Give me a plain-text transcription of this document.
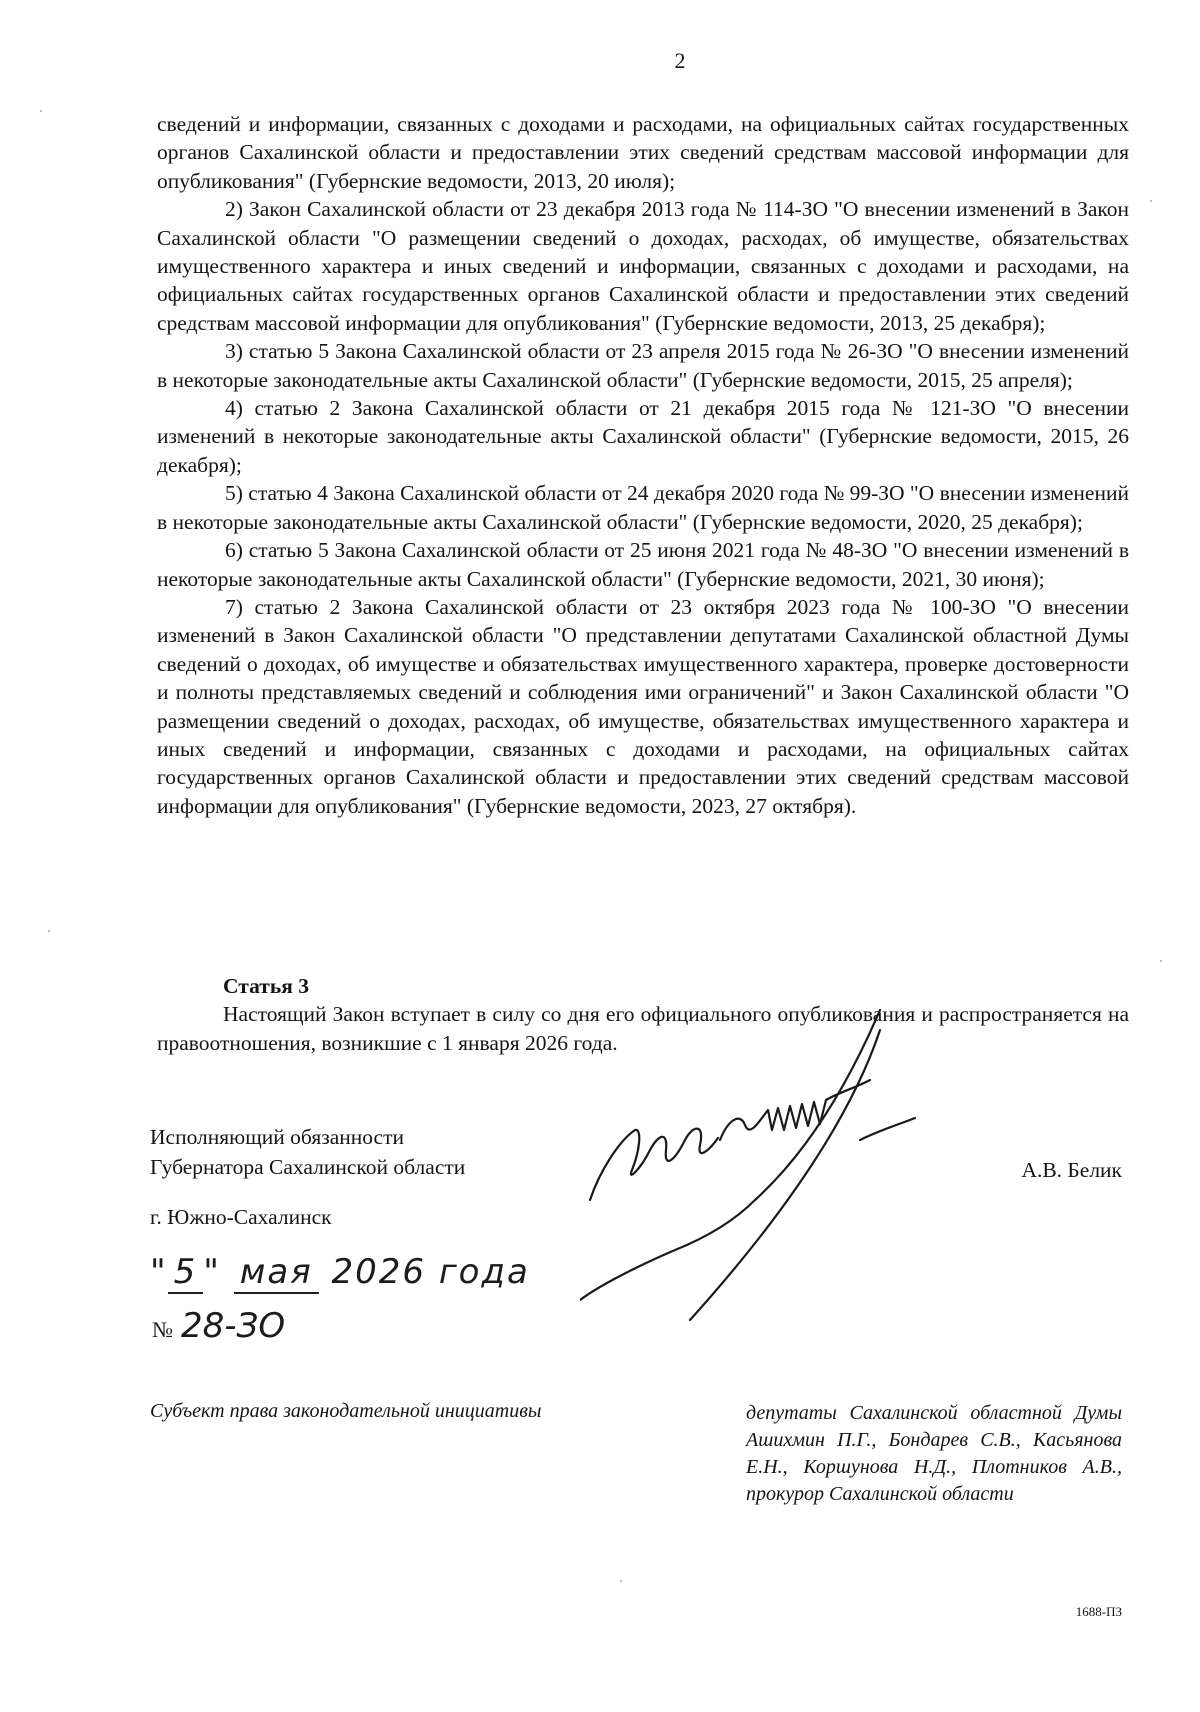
2

сведений и информации, связанных с доходами и расходами, на официальных сайтах государственных органов Сахалинской области и предоставлении этих сведений средствам массовой информации для опубликования" (Губернские ведомости, 2013, 20 июля);

2) Закон Сахалинской области от 23 декабря 2013 года № 114-ЗО "О внесении изменений в Закон Сахалинской области "О размещении сведений о доходах, расходах, об имуществе, обязательствах имущественного характера и иных сведений и информации, связанных с доходами и расходами, на официальных сайтах государственных органов Сахалинской области и предоставлении этих сведений средствам массовой информации для опубликования" (Губернские ведомости, 2013, 25 декабря);

3) статью 5 Закона Сахалинской области от 23 апреля 2015 года № 26-ЗО "О внесении изменений в некоторые законодательные акты Сахалинской области" (Губернские ведомости, 2015, 25 апреля);

4) статью 2 Закона Сахалинской области от 21 декабря 2015 года № 121-ЗО "О внесении изменений в некоторые законодательные акты Сахалинской области" (Губернские ведомости, 2015, 26 декабря);

5) статью 4 Закона Сахалинской области от 24 декабря 2020 года № 99-ЗО "О внесении изменений в некоторые законодательные акты Сахалинской области" (Губернские ведомости, 2020, 25 декабря);

6) статью 5 Закона Сахалинской области от 25 июня 2021 года № 48-ЗО "О внесении изменений в некоторые законодательные акты Сахалинской области" (Губернские ведомости, 2021, 30 июня);

7) статью 2 Закона Сахалинской области от 23 октября 2023 года № 100-ЗО "О внесении изменений в Закон Сахалинской области "О представлении депутатами Сахалинской областной Думы сведений о доходах, об имуществе и обязательствах имущественного характера, проверке достоверности и полноты представляемых сведений и соблюдения ими ограничений" и Закон Сахалинской области "О размещении сведений о доходах, расходах, об имуществе, обязательствах имущественного характера и иных сведений и информации, связанных с доходами и расходами, на официальных сайтах государственных органов Сахалинской области и предоставлении этих сведений средствам массовой информации для опубликования" (Губернские ведомости, 2023, 27 октября).

Статья 3

Настоящий Закон вступает в силу со дня его официального опубликования и распространяется на правоотношения, возникшие с 1 января 2026 года.

Исполняющий обязанности
Губернатора Сахалинской области	А.В. Белик
г. Южно-Сахалинск
" 5 " мая 2026 года
№ 28-ЗО
Субъект права законодательной инициативы	депутаты Сахалинской областной Думы Ашихмин П.Г., Бондарев С.В., Касьянова Е.Н., Коршунова Н.Д., Плотников А.В., прокурор Сахалинской области
1688-ПЗ
